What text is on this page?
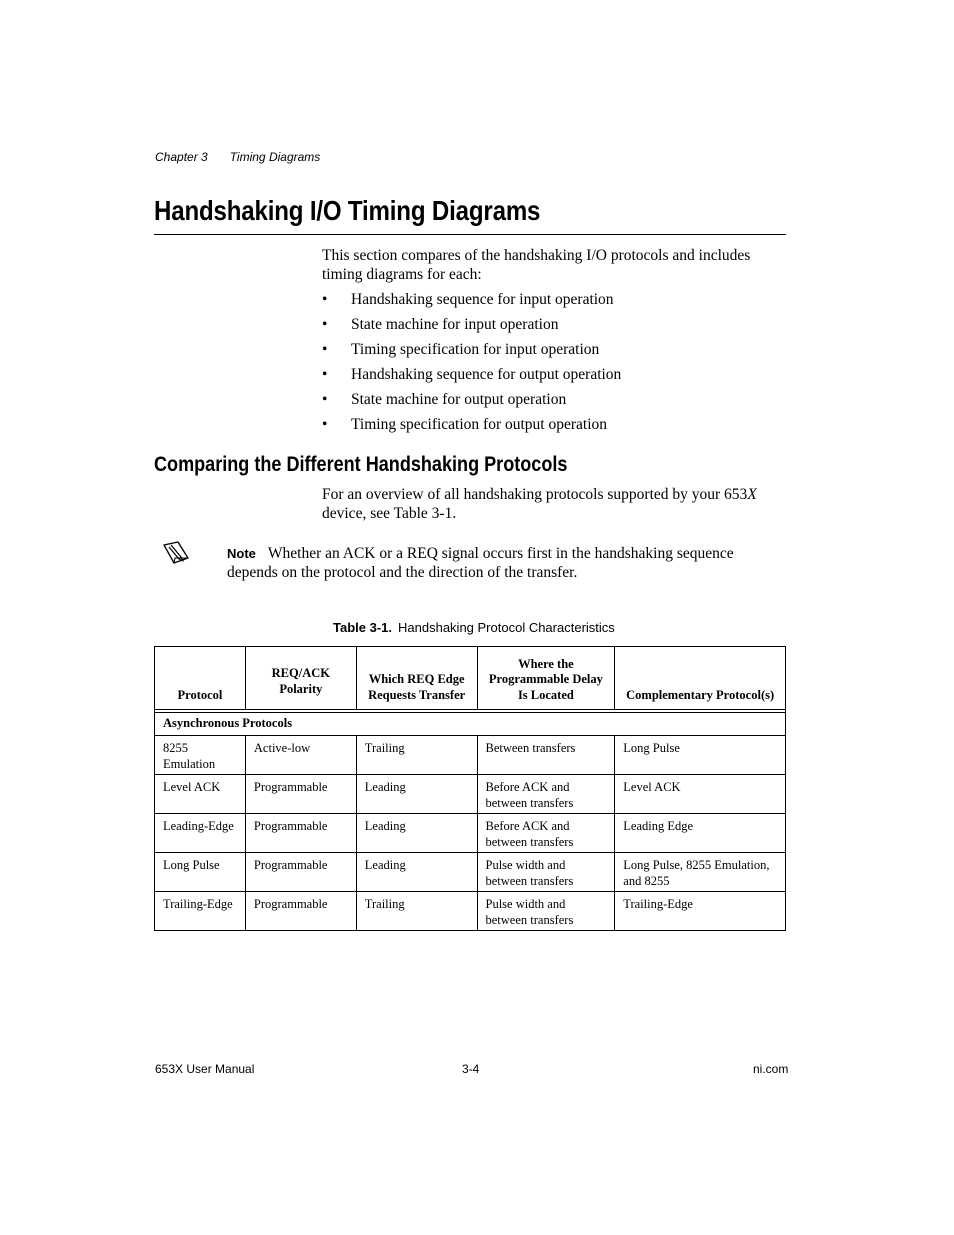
Chapter 3 Timing Diagrams
Handshaking I/O Timing Diagrams
This section compares of the handshaking I/O protocols and includes timing diagrams for each:
• Handshaking sequence for input operation
• State machine for input operation
• Timing specification for input operation
• Handshaking sequence for output operation
• State machine for output operation
• Timing specification for output operation
Comparing the Different Handshaking Protocols
For an overview of all handshaking protocols supported by your 653X device, see Table 3-1.
Note Whether an ACK or a REQ signal occurs first in the handshaking sequence depends on the protocol and the direction of the transfer.
Table 3-1. Handshaking Protocol Characteristics
Protocol	REQ/ACK Polarity	Which REQ Edge Requests Transfer	Where the Programmable Delay Is Located	Complementary Protocol(s)

Asynchronous Protocols				
8255 Emulation	Active-low	Trailing	Between transfers	Long Pulse
Level ACK	Programmable	Leading	Before ACK and between transfers	Level ACK
Leading-Edge	Programmable	Leading	Before ACK and between transfers	Leading Edge
Long Pulse	Programmable	Leading	Pulse width and between transfers	Long Pulse, 8255 Emulation, and 8255
Trailing-Edge	Programmable	Trailing	Pulse width and between transfers	Trailing-Edge
653X User Manual	3-4	ni.com
